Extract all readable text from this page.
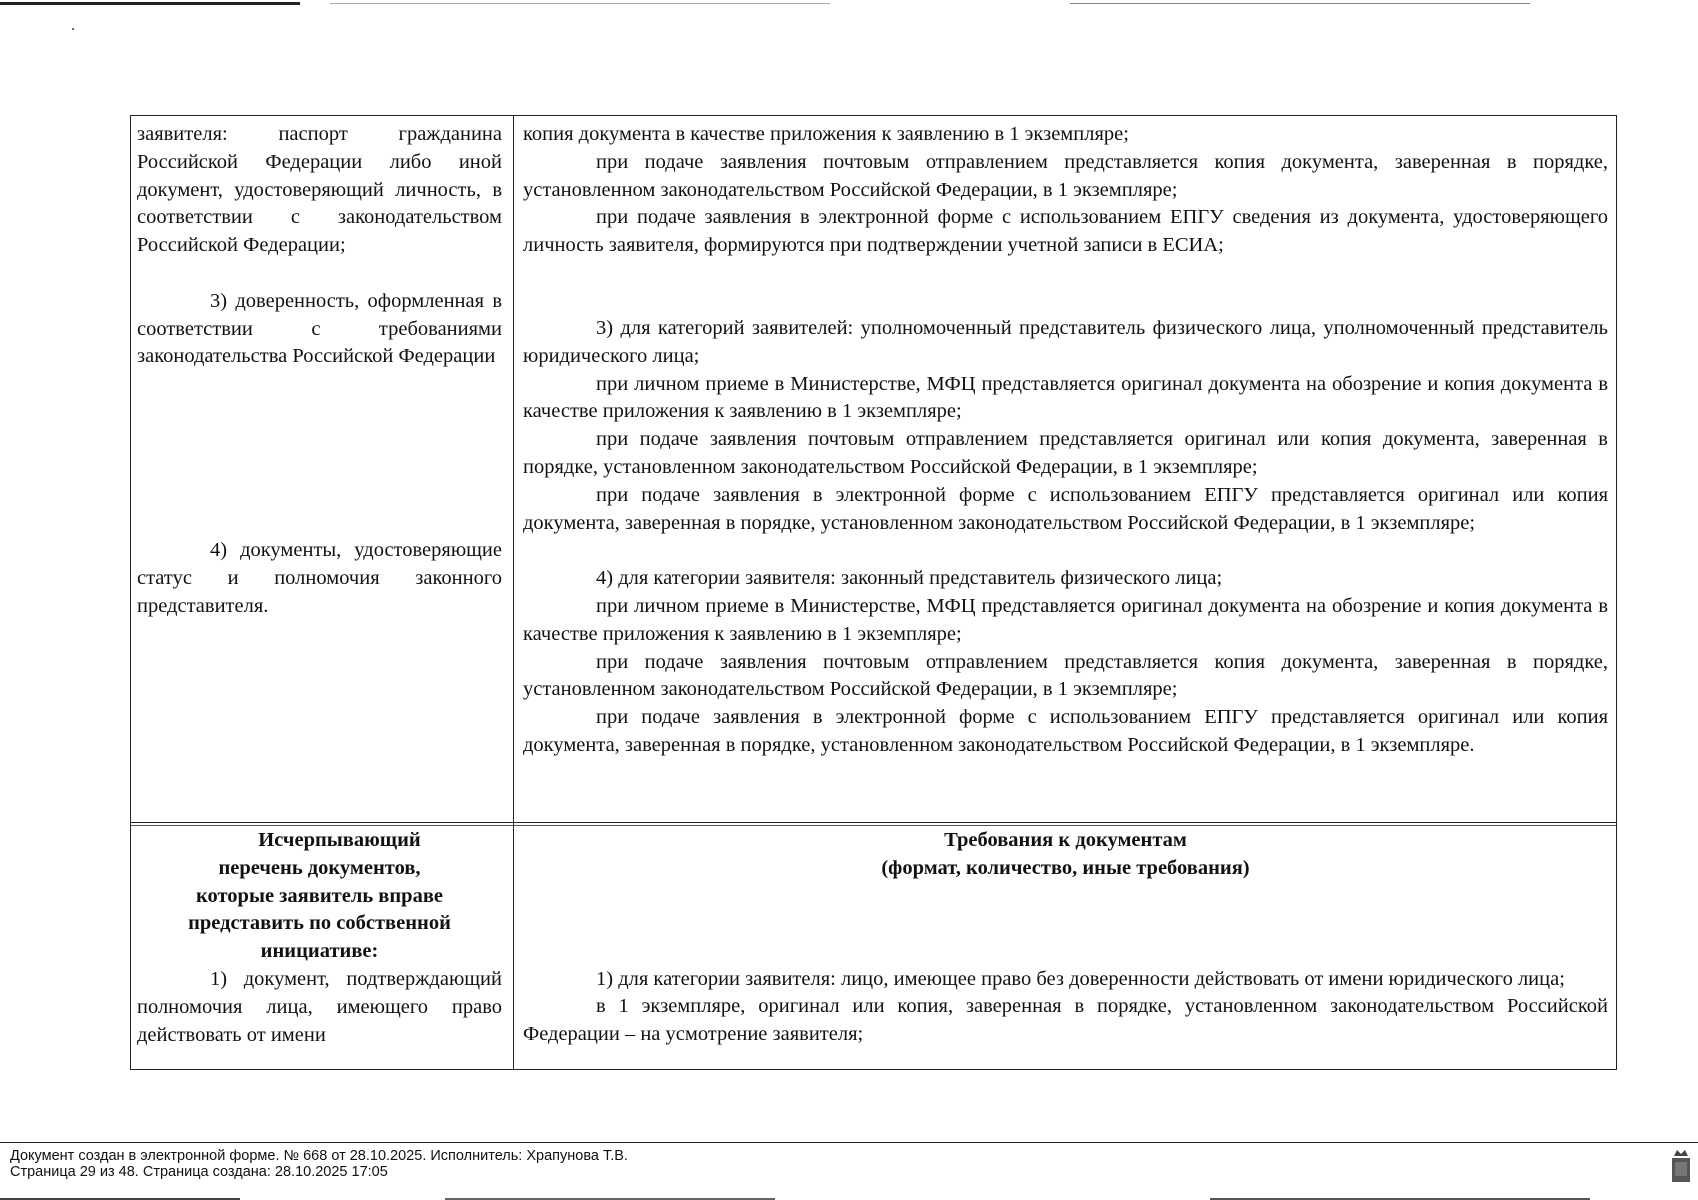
заявителя: паспорт гражданина Российской Федерации либо иной документ, удостоверяющий личность, в соответствии с законодательством Российской Федерации;

3) доверенность, оформленная в соответствии с требованиями законодательства Российской Федерации

4) документы, удостоверяющие статус и полномочия законного представителя.

копия документа в качестве приложения к заявлению в 1 экземпляре;

при подаче заявления почтовым отправлением представляется копия документа, заверенная в порядке, установленном законодательством Российской Федерации, в 1 экземпляре;

при подаче заявления в электронной форме с использованием ЕПГУ сведения из документа, удостоверяющего личность заявителя, формируются при подтверждении учетной записи в ЕСИА;

3) для категорий заявителей: уполномоченный представитель физического лица, уполномоченный представитель юридического лица;

при личном приеме в Министерстве, МФЦ представляется оригинал документа на обозрение и копия документа в качестве приложения к заявлению в 1 экземпляре;

при подаче заявления почтовым отправлением представляется оригинал или копия документа, заверенная в порядке, установленном законодательством Российской Федерации, в 1 экземпляре;

при подаче заявления в электронной форме с использованием ЕПГУ представляется оригинал или копия документа, заверенная в порядке, установленном законодательством Российской Федерации, в 1 экземпляре;

4) для категории заявителя: законный представитель физического лица;

при личном приеме в Министерстве, МФЦ представляется оригинал документа на обозрение и копия документа в качестве приложения к заявлению в 1 экземпляре;

при подаче заявления почтовым отправлением представляется копия документа, заверенная в порядке, установленном законодательством Российской Федерации, в 1 экземпляре;

при подаче заявления в электронной форме с использованием ЕПГУ представляется оригинал или копия документа, заверенная в порядке, установленном законодательством Российской Федерации, в 1 экземпляре.

Исчерпывающий
перечень документов,
которые заявитель вправе
представить по собственной
инициативе:

1) документ, подтверждающий полномочия лица, имеющего право действовать от имени

Требования к документам
(формат, количество, иные требования)

1) для категории заявителя: лицо, имеющее право без доверенности действовать от имени юридического лица;

в 1 экземпляре, оригинал или копия, заверенная в порядке, установленном законодательством Российской Федерации – на усмотрение заявителя;

Документ создан в электронной форме. № 668 от 28.10.2025. Исполнитель: Храпунова Т.В.
Страница 29 из 48. Страница создана: 28.10.2025 17:05
